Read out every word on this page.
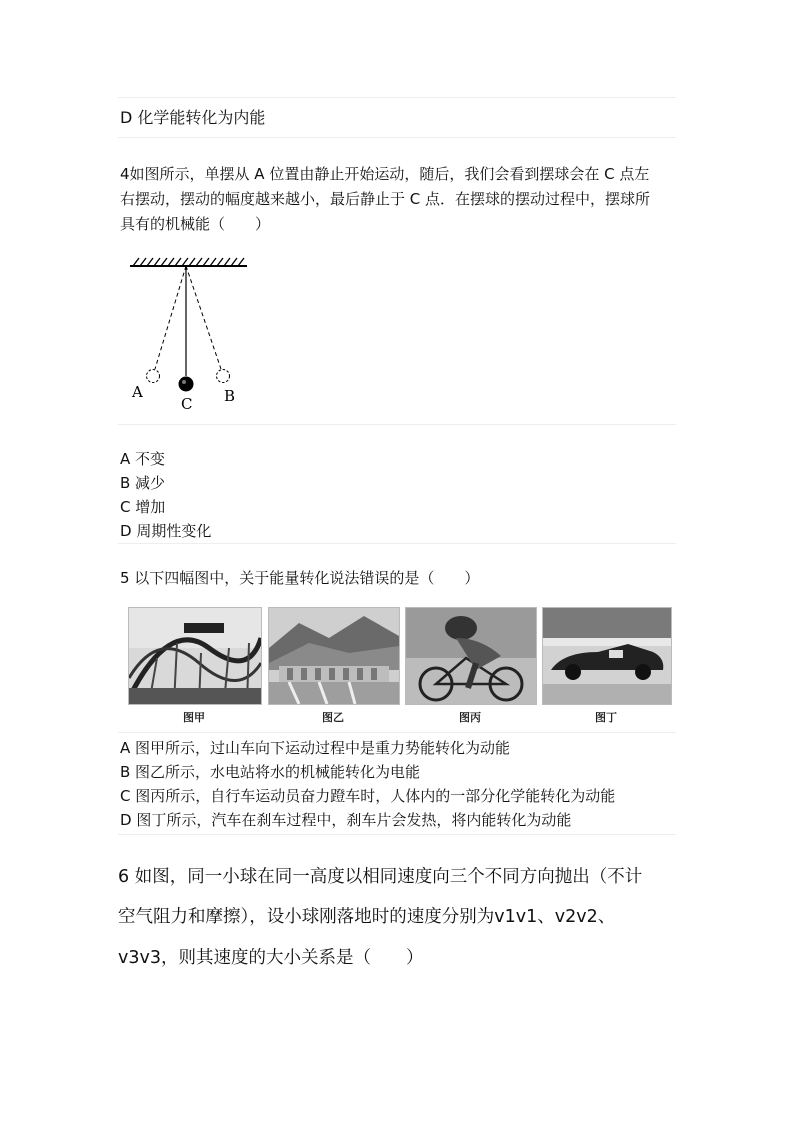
D 化学能转化为内能
4如图所示，单摆从 A 位置由静止开始运动，随后，我们会看到摆球会在 C 点左
右摆动，摆动的幅度越来越小，最后静止于 C 点．在摆球的摆动过程中，摆球所
具有的机械能（　　）
A
C B
A 不变
B 减少
C 增加
D 周期性变化
5 以下四幅图中，关于能量转化说法错误的是（　　）
图甲	图乙	图丙	图丁
A 图甲所示，过山车向下运动过程中是重力势能转化为动能
B 图乙所示，水电站将水的机械能转化为电能
C 图丙所示，自行车运动员奋力蹬车时，人体内的一部分化学能转化为动能
D 图丁所示，汽车在刹车过程中，刹车片会发热，将内能转化为动能
6 如图，同一小球在同一高度以相同速度向三个不同方向抛出（不计
空气阻力和摩擦），设小球刚落地时的速度分别为v1v1、v2v2、
v3v3，则其速度的大小关系是（　　）
